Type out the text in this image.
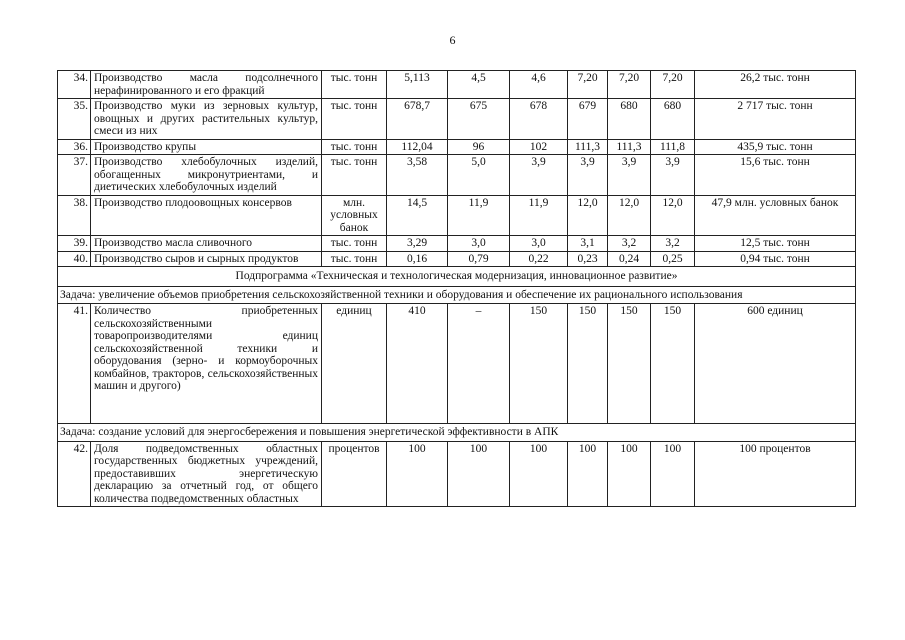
6
34.	Производство масла подсолнечного нерафинированного и его фракций	тыс. тонн	5,113	4,5	4,6	7,20	7,20	7,20	26,2 тыс. тонн
35.	Производство муки из зерновых культур, овощных и других растительных культур, смеси из них	тыс. тонн	678,7	675	678	679	680	680	2 717 тыс. тонн
36.	Производство крупы	тыс. тонн	112,04	96	102	111,3	111,3	111,8	435,9 тыс. тонн
37.	Производство хлебобулочных изделий, обогащенных микронутриентами, и диетических хлебобулочных изделий	тыс. тонн	3,58	5,0	3,9	3,9	3,9	3,9	15,6 тыс. тонн
38.	Производство плодоовощных консервов	млн. условных банок	14,5	11,9	11,9	12,0	12,0	12,0	47,9 млн. условных банок
39.	Производство масла сливочного	тыс. тонн	3,29	3,0	3,0	3,1	3,2	3,2	12,5 тыс. тонн
40.	Производство сыров и сырных продуктов	тыс. тонн	0,16	0,79	0,22	0,23	0,24	0,25	0,94 тыс. тонн
Подпрограмма «Техническая и технологическая модернизация, инновационное развитие»									
Задача: увеличение объемов приобретения сельскохозяйственной техники и оборудования и обеспечение их рационального использования									
41.	Количество приобретенных сельскохозяйственными товаропроизводителями единиц сельскохозяйственной техники и оборудования (зерно- и кормоуборочных комбайнов, тракторов, сельскохозяйственных машин и другого)	единиц	410	–	150	150	150	150	600 единиц
Задача: создание условий для энергосбережения и повышения энергетической эффективности в АПК									
42.	Доля подведомственных областных государственных бюджетных учреждений, предоставивших энергетическую декларацию за отчетный год, от общего количества подведомственных областных	процентов	100	100	100	100	100	100	100 процентов
